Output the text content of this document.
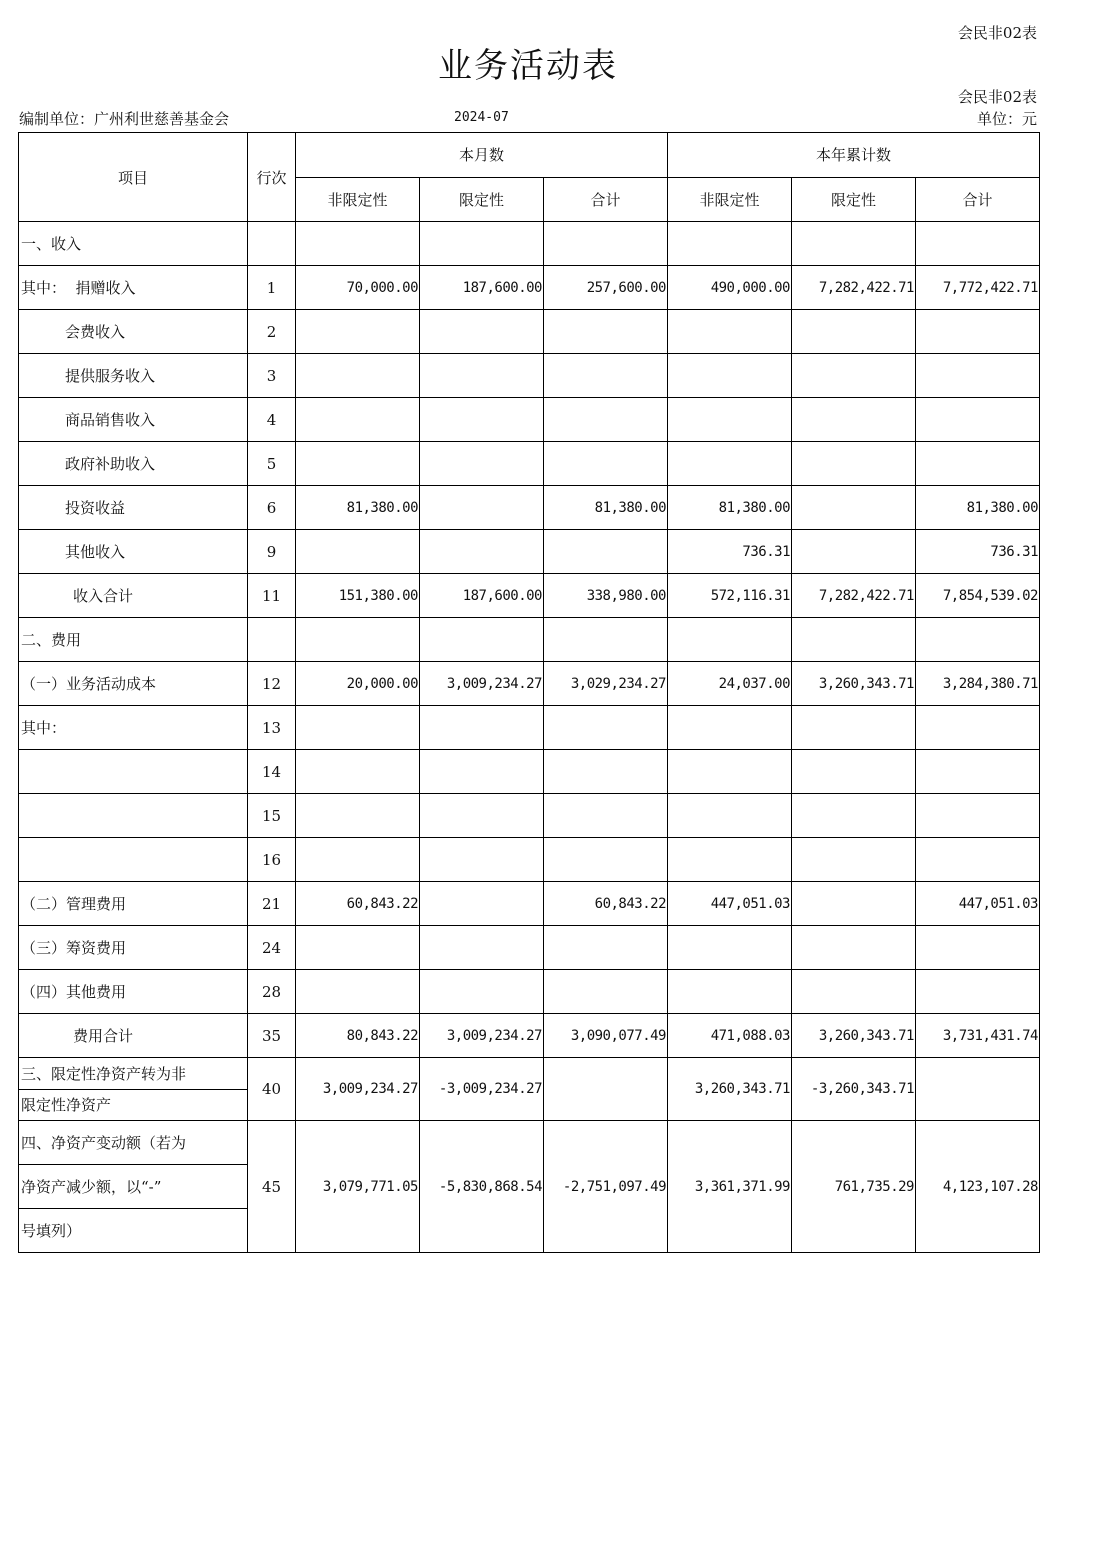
会民非02表
业务活动表
会民非02表
编制单位：广州利世慈善基金会	2024-07	单位：元
项目	行次	本月数			本年累计数		
		非限定性	限定性	合计	非限定性	限定性	合计
一、收入							
其中：  捐赠收入	1	70,000.00	187,600.00	257,600.00	490,000.00	7,282,422.71	7,772,422.71
会费收入	2						
提供服务收入	3						
商品销售收入	4						
政府补助收入	5						
投资收益	6	81,380.00		81,380.00	81,380.00		81,380.00
其他收入	9				736.31		736.31
收入合计	11	151,380.00	187,600.00	338,980.00	572,116.31	7,282,422.71	7,854,539.02
二、费用							
（一）业务活动成本	12	20,000.00	3,009,234.27	3,029,234.27	24,037.00	3,260,343.71	3,284,380.71
其中：	13						
	14						
	15						
	16						
（二）管理费用	21	60,843.22		60,843.22	447,051.03		447,051.03
（三）筹资费用	24						
（四）其他费用	28						
费用合计	35	80,843.22	3,009,234.27	3,090,077.49	471,088.03	3,260,343.71	3,731,431.74

三、限定性净资产转为非
限定性净资产	40	3,009,234.27	-3,009,234.27		3,260,343.71	-3,260,343.71	

四、净资产变动额（若为
净资产减少额，以“-”
号填列）	45	3,079,771.05	-5,830,868.54	-2,751,097.49	3,361,371.99	761,735.29	4,123,107.28
